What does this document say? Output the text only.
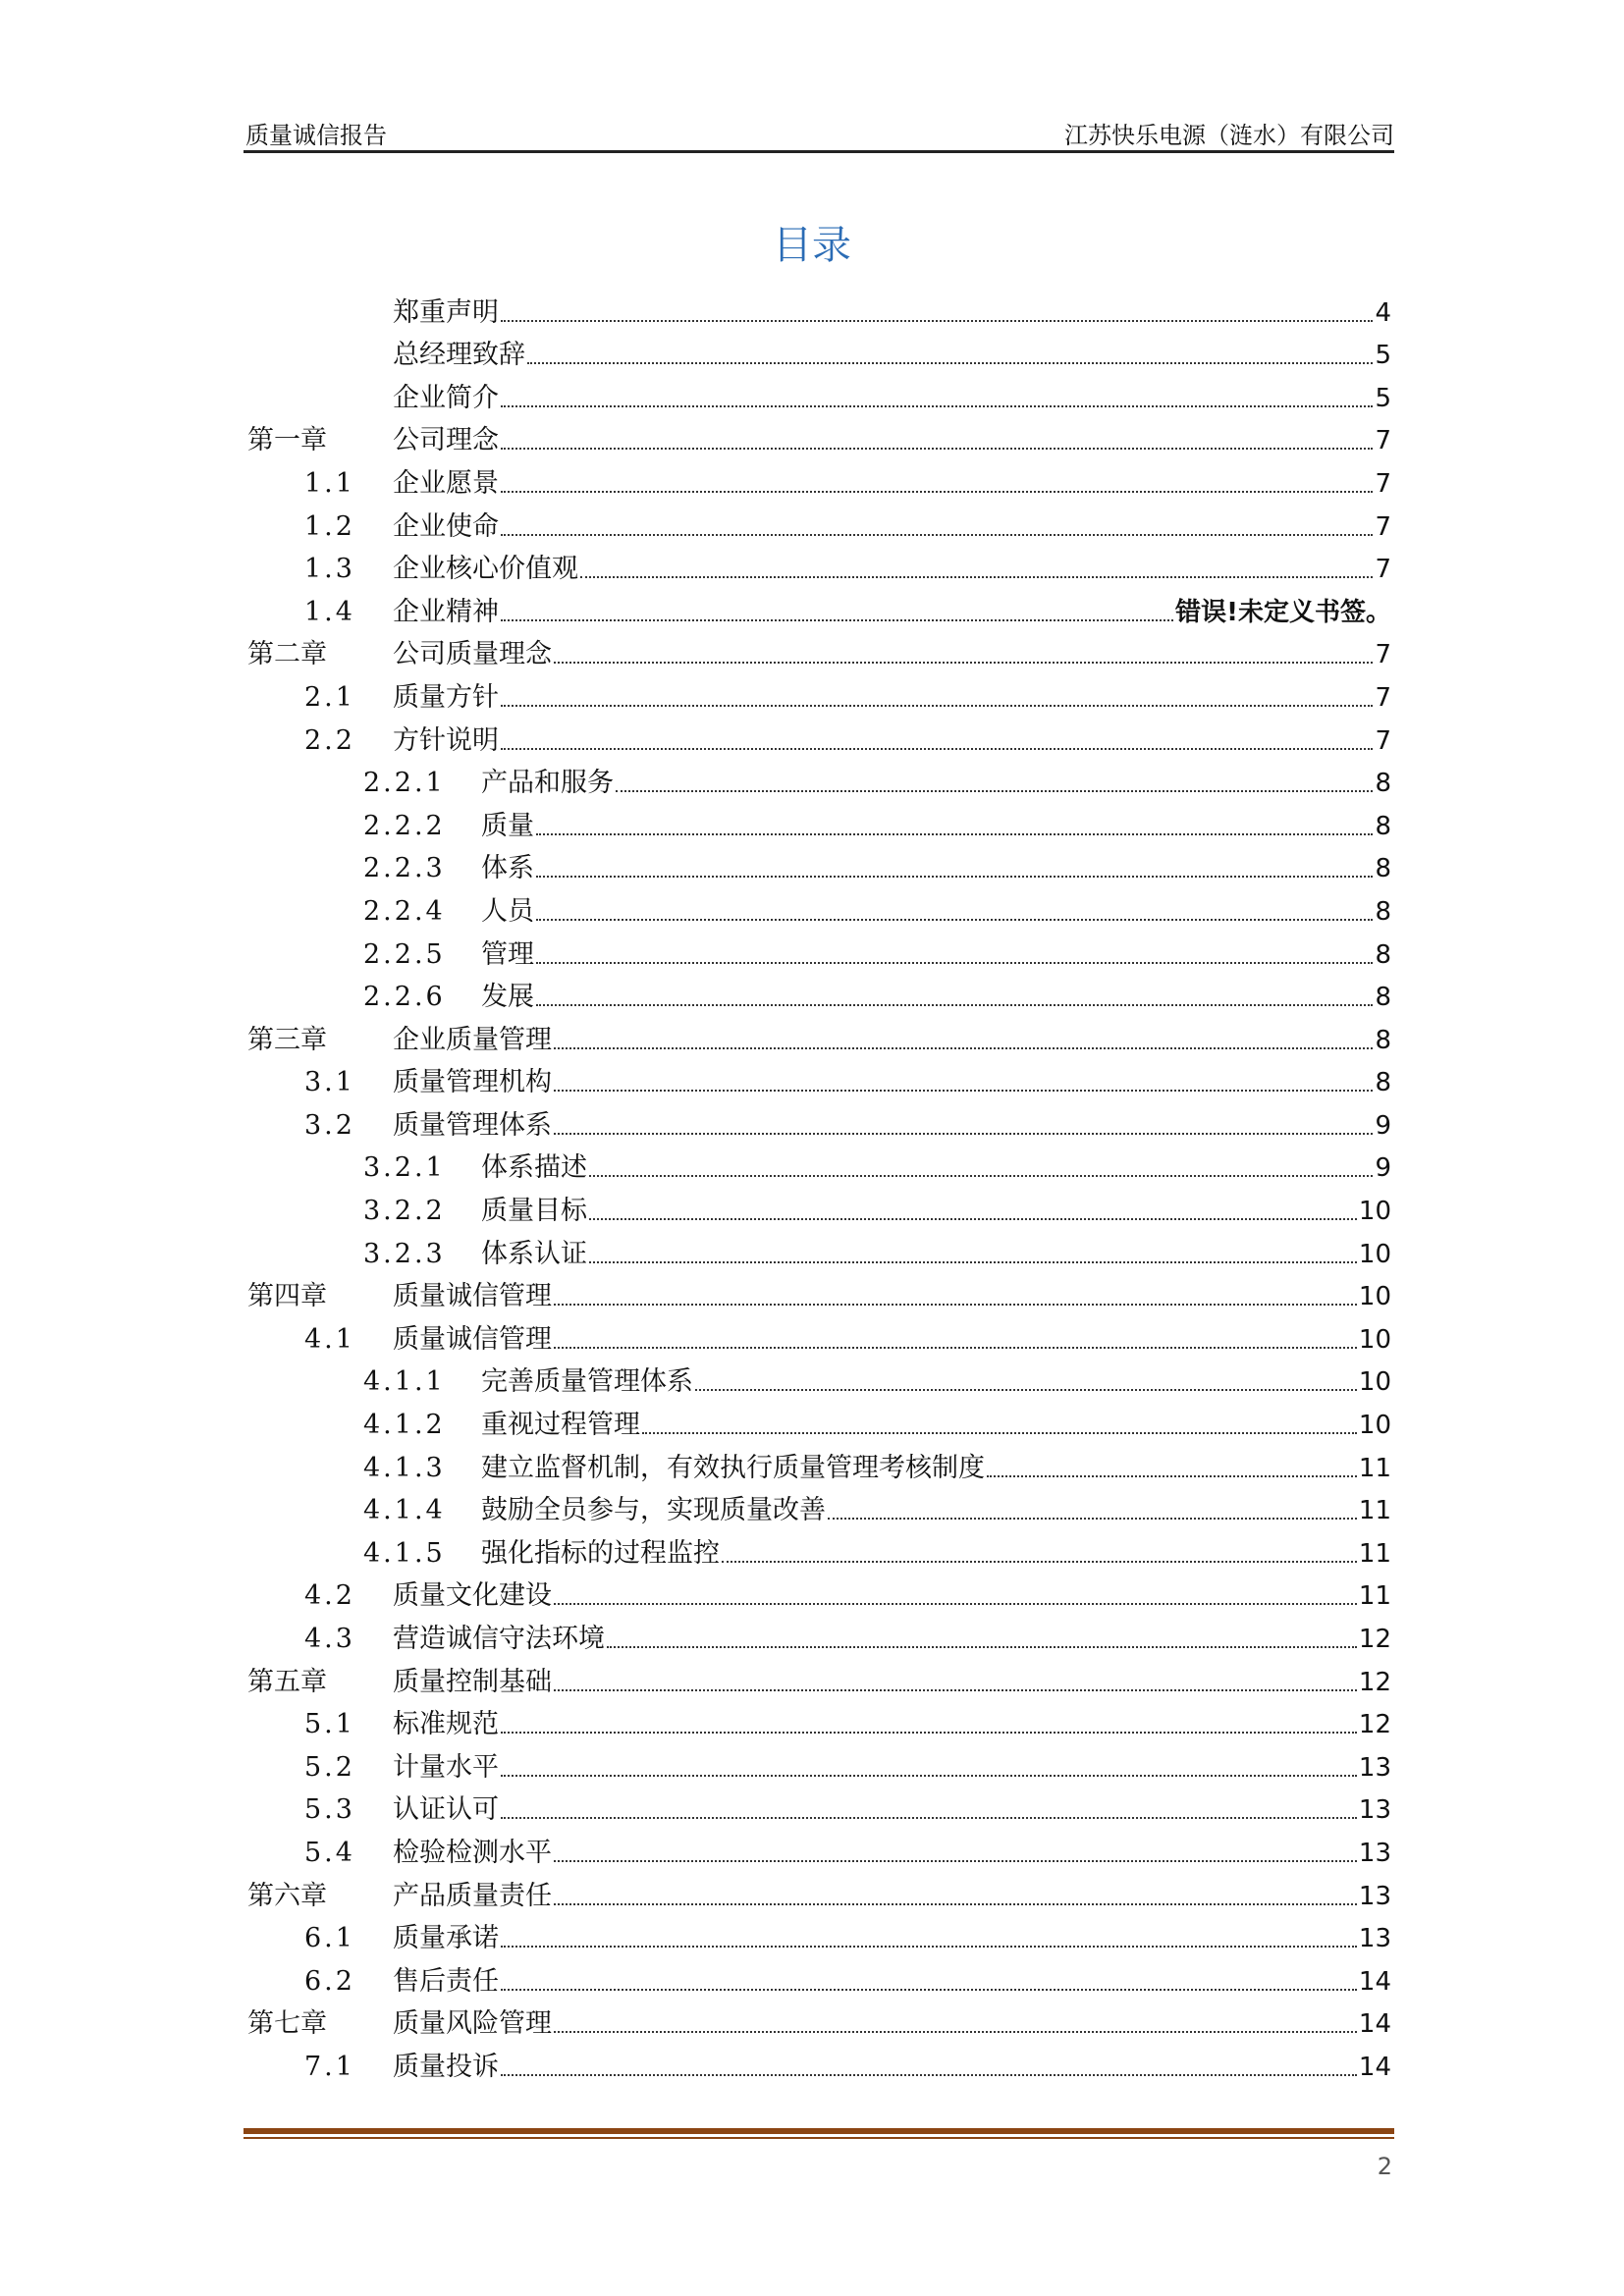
质量诚信报告	江苏快乐电源（涟水）有限公司
目录
郑重声明	4
总经理致辞	5
企业简介	5
第一章	公司理念	7
1.1	企业愿景	7
1.2	企业使命	7
1.3	企业核心价值观	7
1.4	企业精神	错误!未定义书签。
第二章	公司质量理念	7
2.1	质量方针	7
2.2	方针说明	7
2.2.1	产品和服务	8
2.2.2	质量	8
2.2.3	体系	8
2.2.4	人员	8
2.2.5	管理	8
2.2.6	发展	8
第三章	企业质量管理	8
3.1	质量管理机构	8
3.2	质量管理体系	9
3.2.1	体系描述	9
3.2.2	质量目标	10
3.2.3	体系认证	10
第四章	质量诚信管理	10
4.1	质量诚信管理	10
4.1.1	完善质量管理体系	10
4.1.2	重视过程管理	10
4.1.3	建立监督机制，有效执行质量管理考核制度	11
4.1.4	鼓励全员参与，实现质量改善	11
4.1.5	强化指标的过程监控	11
4.2	质量文化建设	11
4.3	营造诚信守法环境	12
第五章	质量控制基础	12
5.1	标准规范	12
5.2	计量水平	13
5.3	认证认可	13
5.4	检验检测水平	13
第六章	产品质量责任	13
6.1	质量承诺	13
6.2	售后责任	14
第七章	质量风险管理	14
7.1	质量投诉	14
2
